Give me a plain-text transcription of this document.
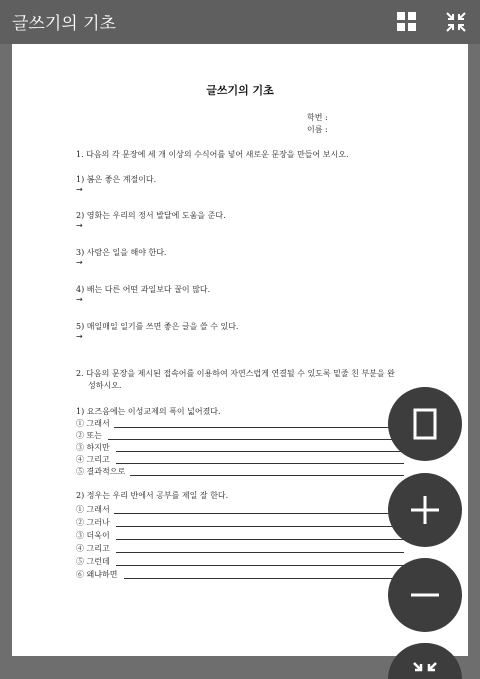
글쓰기의 기초
글쓰기의 기초
학번 :
이름 :
1. 다음의 각 문장에 세 개 이상의 수식어를 넣어 새로운 문장을 만들어 보시오.
1) 봄은 좋은 계절이다.
→
2) 영화는 우리의 정서 발달에 도움을 준다.
→
3) 사람은 일을 해야 한다.
→
4) 배는 다른 어떤 과일보다 꿀이 많다.
→
5) 매일매일 일기를 쓰면 좋은 글을 쓸 수 있다.
→
2. 다음의 문장을 제시된 접속어를 이용하여 자연스럽게 연결될 수 있도록 밑줄 친 부분을 완
성하시오.
1) 요즈음에는 이성교제의 폭이 넓어졌다.
① 그래서
② 또는
③ 하지만
④ 그리고
⑤ 결과적으로
2) 정우는 우리 반에서 공부를 제일 잘 한다.
① 그래서
② 그러나
③ 더욱이
④ 그리고
⑤ 그런데
⑥ 왜냐하면
